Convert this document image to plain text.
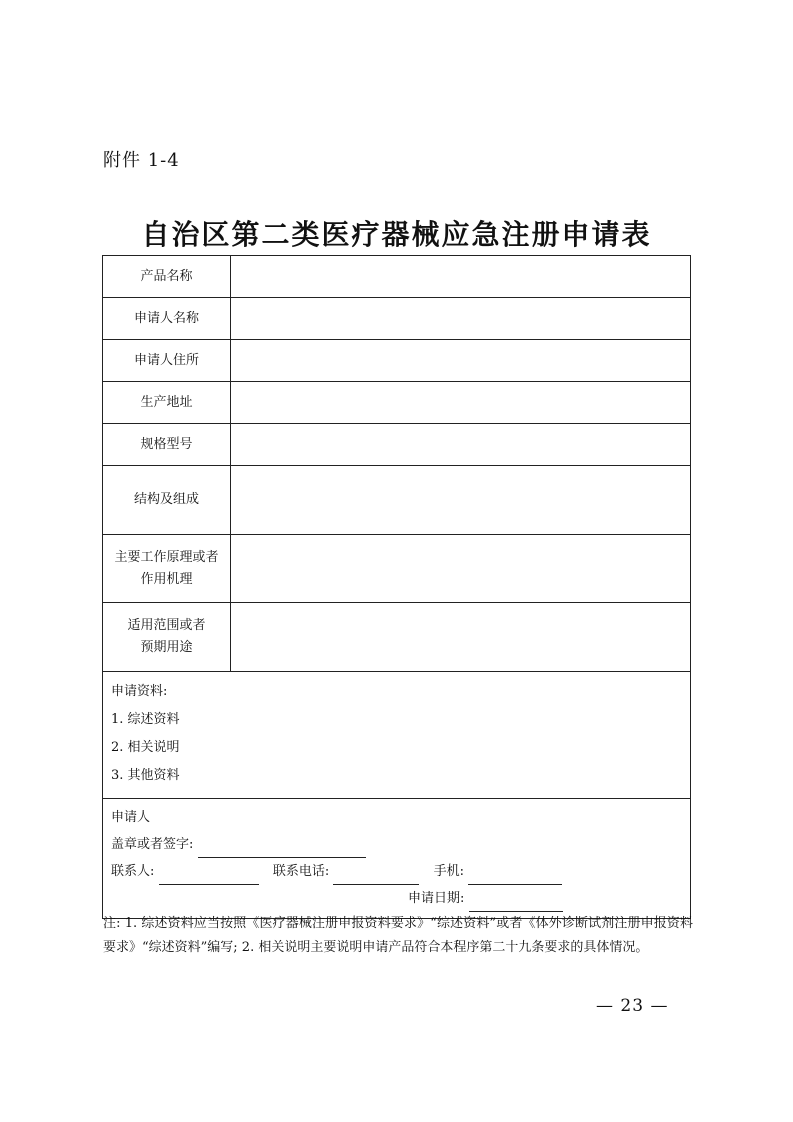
附件 1-4
自治区第二类医疗器械应急注册申请表
产品名称	
申请人名称	
申请人住所	
生产地址	
规格型号	
结构及组成	

主要工作原理或者
作用机理	

适用范围或者
预期用途	

申请资料:
1. 综述资料
2. 相关说明
3. 其他资料	

申请人
盖章或者签字:
联系人: 联系电话: 手机:
申请日期:	
注: 1. 综述资料应当按照《医疗器械注册申报资料要求》“综述资料”或者《体外诊断试剂注册申报资料要求》“综述资料”编写; 2. 相关说明主要说明申请产品符合本程序第二十九条要求的具体情况。
— 23 —
